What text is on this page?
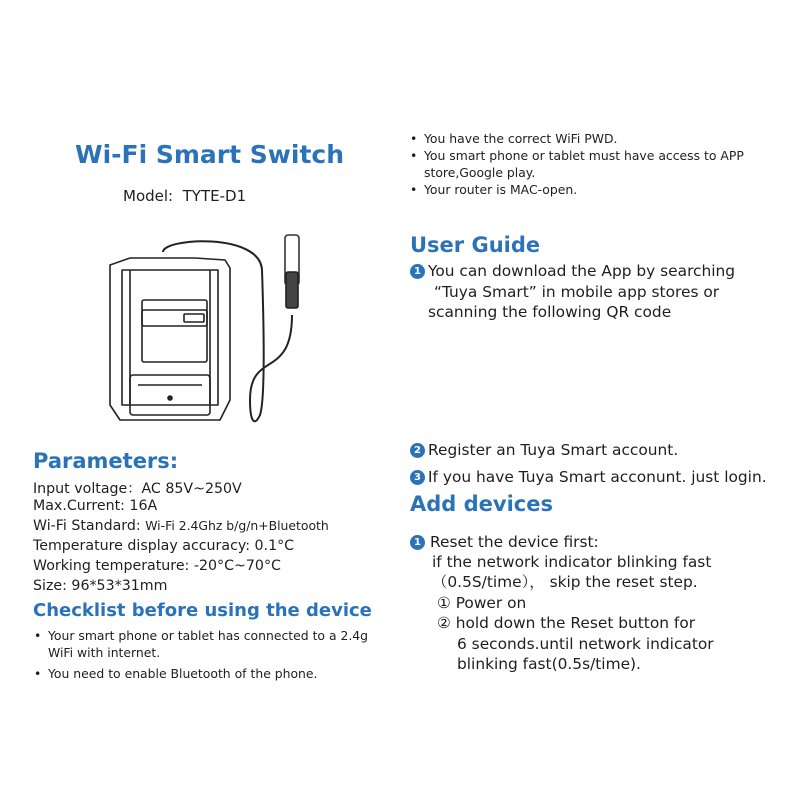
Wi-Fi Smart Switch
Model: TYTE-D1
• You have the correct WiFi PWD.
• You smart phone or tablet must have access to APP store,Google play.
• Your router is MAC-open.
User Guide
1 You can download the App by searching
“Tuya Smart” in mobile app stores or
scanning the following QR code
2 Register an Tuya Smart account.
3 If you have Tuya Smart acconunt. just login.
Add devices
1 Reset the device first:
if the network indicator blinking fast
（0.5S/time）， skip the reset step.
① Power on
② hold down the Reset button for
6 seconds.until network indicator
blinking fast(0.5s/time).
Parameters:
Input voltage：AC 85V~250V
Max.Current: 16A
Wi-Fi Standard: Wi-Fi 2.4Ghz b/g/n+Bluetooth
Temperature display accuracy: 0.1°C
Working temperature: -20°C~70°C
Size: 96*53*31mm
Checklist before using the device
• Your smart phone or tablet has connected to a 2.4g WiFi with internet.
• You need to enable Bluetooth of the phone.
